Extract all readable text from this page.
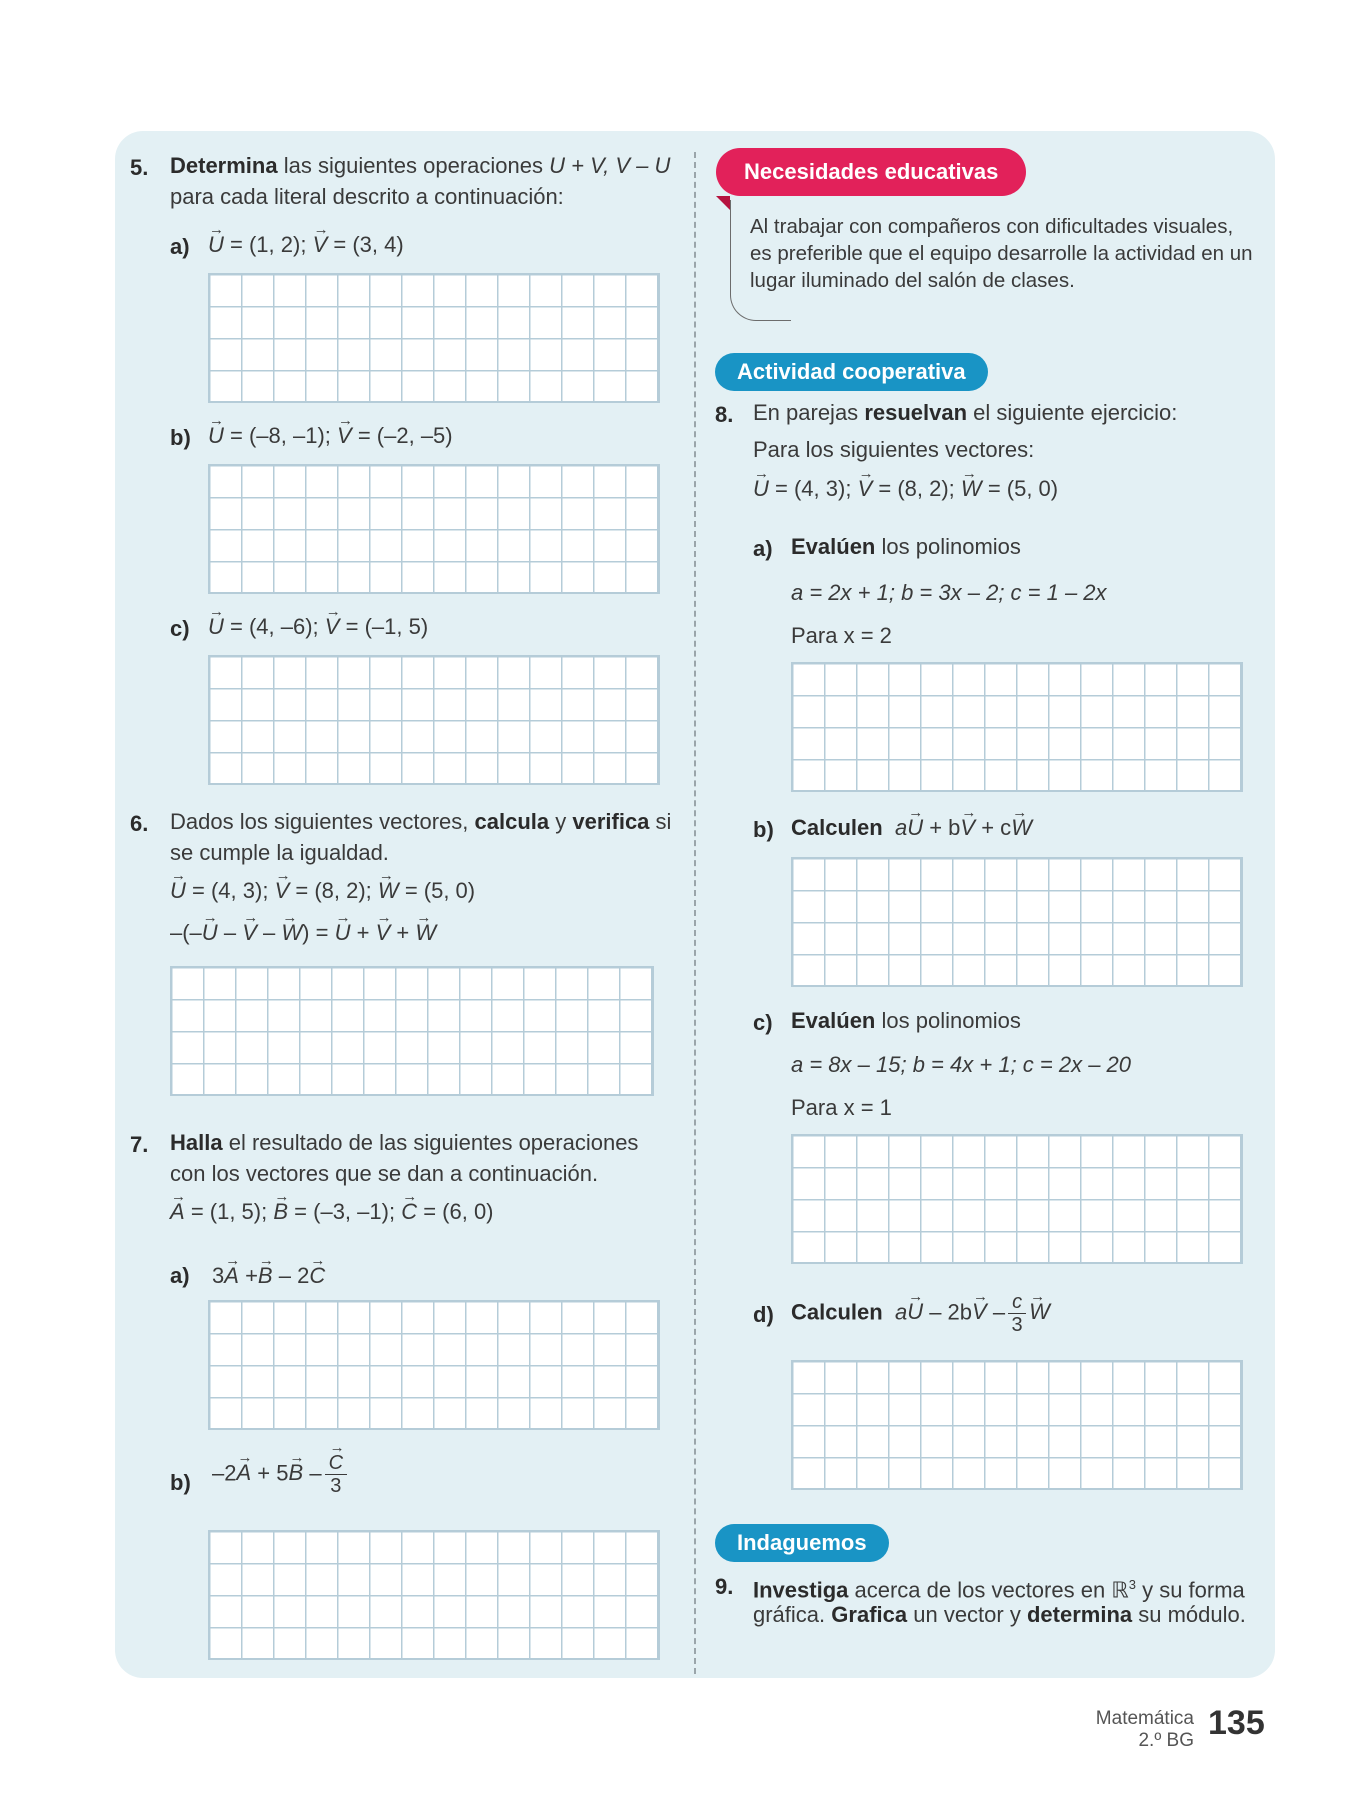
5. Determina las siguientes operaciones U + V, V – U
para cada literal descrito a continuación:
a)
→ U = (1, 2); → V = (3, 4)
b)
→ U = (–8, –1); → V = (–2, –5)
c)
→ U = (4, –6); → V = (–1, 5)
6. Dados los siguientes vectores, calcula y verifica si
se cumple la igualdad.
→ U = (4, 3); → V = (8, 2); → W = (5, 0)
–(–→ U – → V – → W) = → U + → V + → W
7. Halla el resultado de las siguientes operaciones
con los vectores que se dan a continuación.
→ A = (1, 5); → B = (–3, –1); → C = (6, 0)
a) 3→ A +→ B – 2→ C
b) –2→ A + 5→ B –
→ $\frac{C}{3}$
Necesidades educativas
Al trabajar con compañeros con dificultades visuales,
es preferible que el equipo desarrolle la actividad en un
lugar iluminado del salón de clases.
Actividad cooperativa
8. En parejas resuelvan el siguiente ejercicio:
Para los siguientes vectores:
→ U = (4, 3); → V = (8, 2); → W = (5, 0)
a) Evalúen los polinomios
a = 2x + 1; b = 3x – 2; c = 1 – 2x
Para x = 2
b) Calculen a→ U + b→ V + c→ W
c) Evalúen los polinomios
a = 8x – 15; b = 4x + 1; c = 2x – 20
Para x = 1
d) Calculen $a\to U - 2b\to V - \frac{c}{3}$
→ W
Indaguemos
9. Investiga acerca de los vectores en ℝ$^3$ y su forma
gráfica. Grafica un vector y determina su módulo.
Matemática
2.º BG 135
